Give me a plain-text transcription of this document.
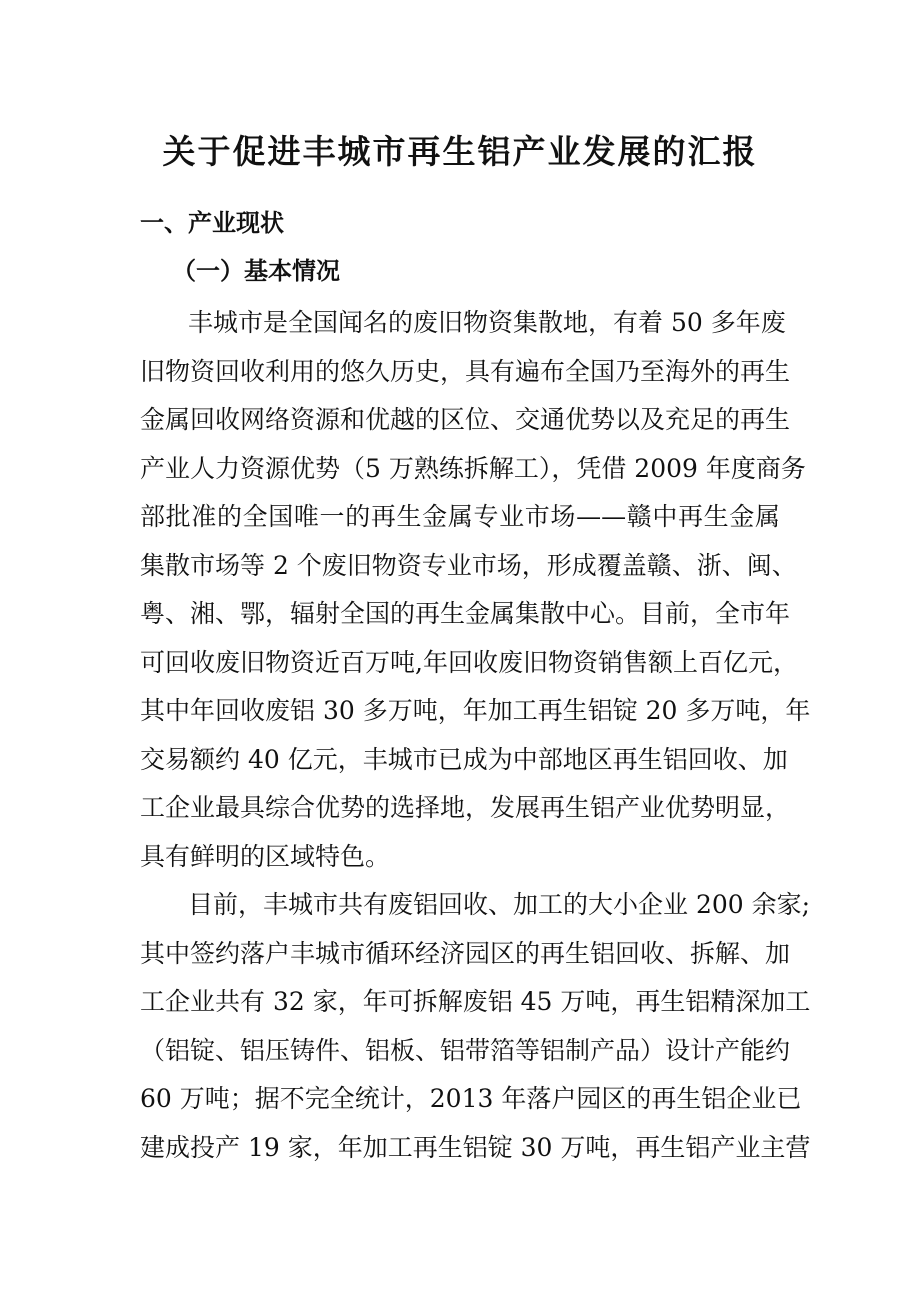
关于促进丰城市再生铝产业发展的汇报
一、产业现状
（一）基本情况
丰城市是全国闻名的废旧物资集散地，有着 50 多年废
旧物资回收利用的悠久历史，具有遍布全国乃至海外的再生
金属回收网络资源和优越的区位、交通优势以及充足的再生
产业人力资源优势（5 万熟练拆解工），凭借 2009 年度商务
部批准的全国唯一的再生金属专业市场——赣中再生金属
集散市场等 2 个废旧物资专业市场，形成覆盖赣、浙、闽、
粤、湘、鄂，辐射全国的再生金属集散中心。目前，全市年
可回收废旧物资近百万吨,年回收废旧物资销售额上百亿元，
其中年回收废铝 30 多万吨，年加工再生铝锭 20 多万吨，年
交易额约 40 亿元，丰城市已成为中部地区再生铝回收、加
工企业最具综合优势的选择地，发展再生铝产业优势明显，
具有鲜明的区域特色。
目前，丰城市共有废铝回收、加工的大小企业 200 余家;
其中签约落户丰城市循环经济园区的再生铝回收、拆解、加
工企业共有 32 家，年可拆解废铝 45 万吨，再生铝精深加工
（铝锭、铝压铸件、铝板、铝带箔等铝制产品）设计产能约
60 万吨；据不完全统计，2013 年落户园区的再生铝企业已
建成投产 19 家，年加工再生铝锭 30 万吨，再生铝产业主营
